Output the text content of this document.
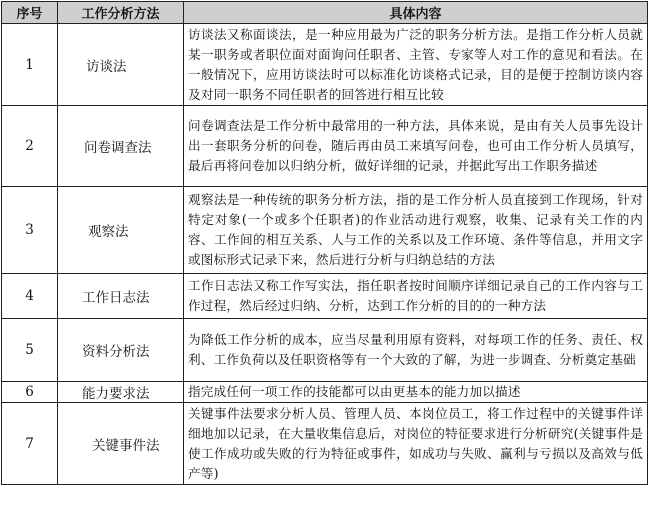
序号	工作分析方法	具体内容
1	访谈法	访谈法又称面谈法，是一种应用最为广泛的职务分析方法。是指工作分析人员就某一职务或者职位面对面询问任职者、主管、专家等人对工作的意见和看法。在一般情况下，应用访谈法时可以标准化访谈格式记录，目的是便于控制访谈内容及对同一职务不同任职者的回答进行相互比较
2	问卷调查法	问卷调查法是工作分析中最常用的一种方法，具体来说，是由有关人员事先设计出一套职务分析的问卷，随后再由员工来填写问卷，也可由工作分析人员填写，最后再将问卷加以归纳分析，做好详细的记录，并据此写出工作职务描述
3	观察法	观察法是一种传统的职务分析方法，指的是工作分析人员直接到工作现场，针对特定对象(一个或多个任职者)的作业活动进行观察，收集、记录有关工作的内容、工作间的相互关系、人与工作的关系以及工作环境、条件等信息，并用文字或图标形式记录下来，然后进行分析与归纳总结的方法
4	工作日志法	工作日志法又称工作写实法，指任职者按时间顺序详细记录自己的工作内容与工作过程，然后经过归纳、分析，达到工作分析的目的的一种方法
5	资料分析法	为降低工作分析的成本，应当尽量利用原有资料，对每项工作的任务、责任、权利、工作负荷以及任职资格等有一个大致的了解，为进一步调查、分析奠定基础
6	能力要求法	指完成任何一项工作的技能都可以由更基本的能力加以描述
7	关键事件法	关键事件法要求分析人员、管理人员、本岗位员工，将工作过程中的关键事件详细地加以记录，在大量收集信息后，对岗位的特征要求进行分析研究(关键事件是使工作成功或失败的行为特征或事件，如成功与失败、赢利与亏损以及高效与低产等)
